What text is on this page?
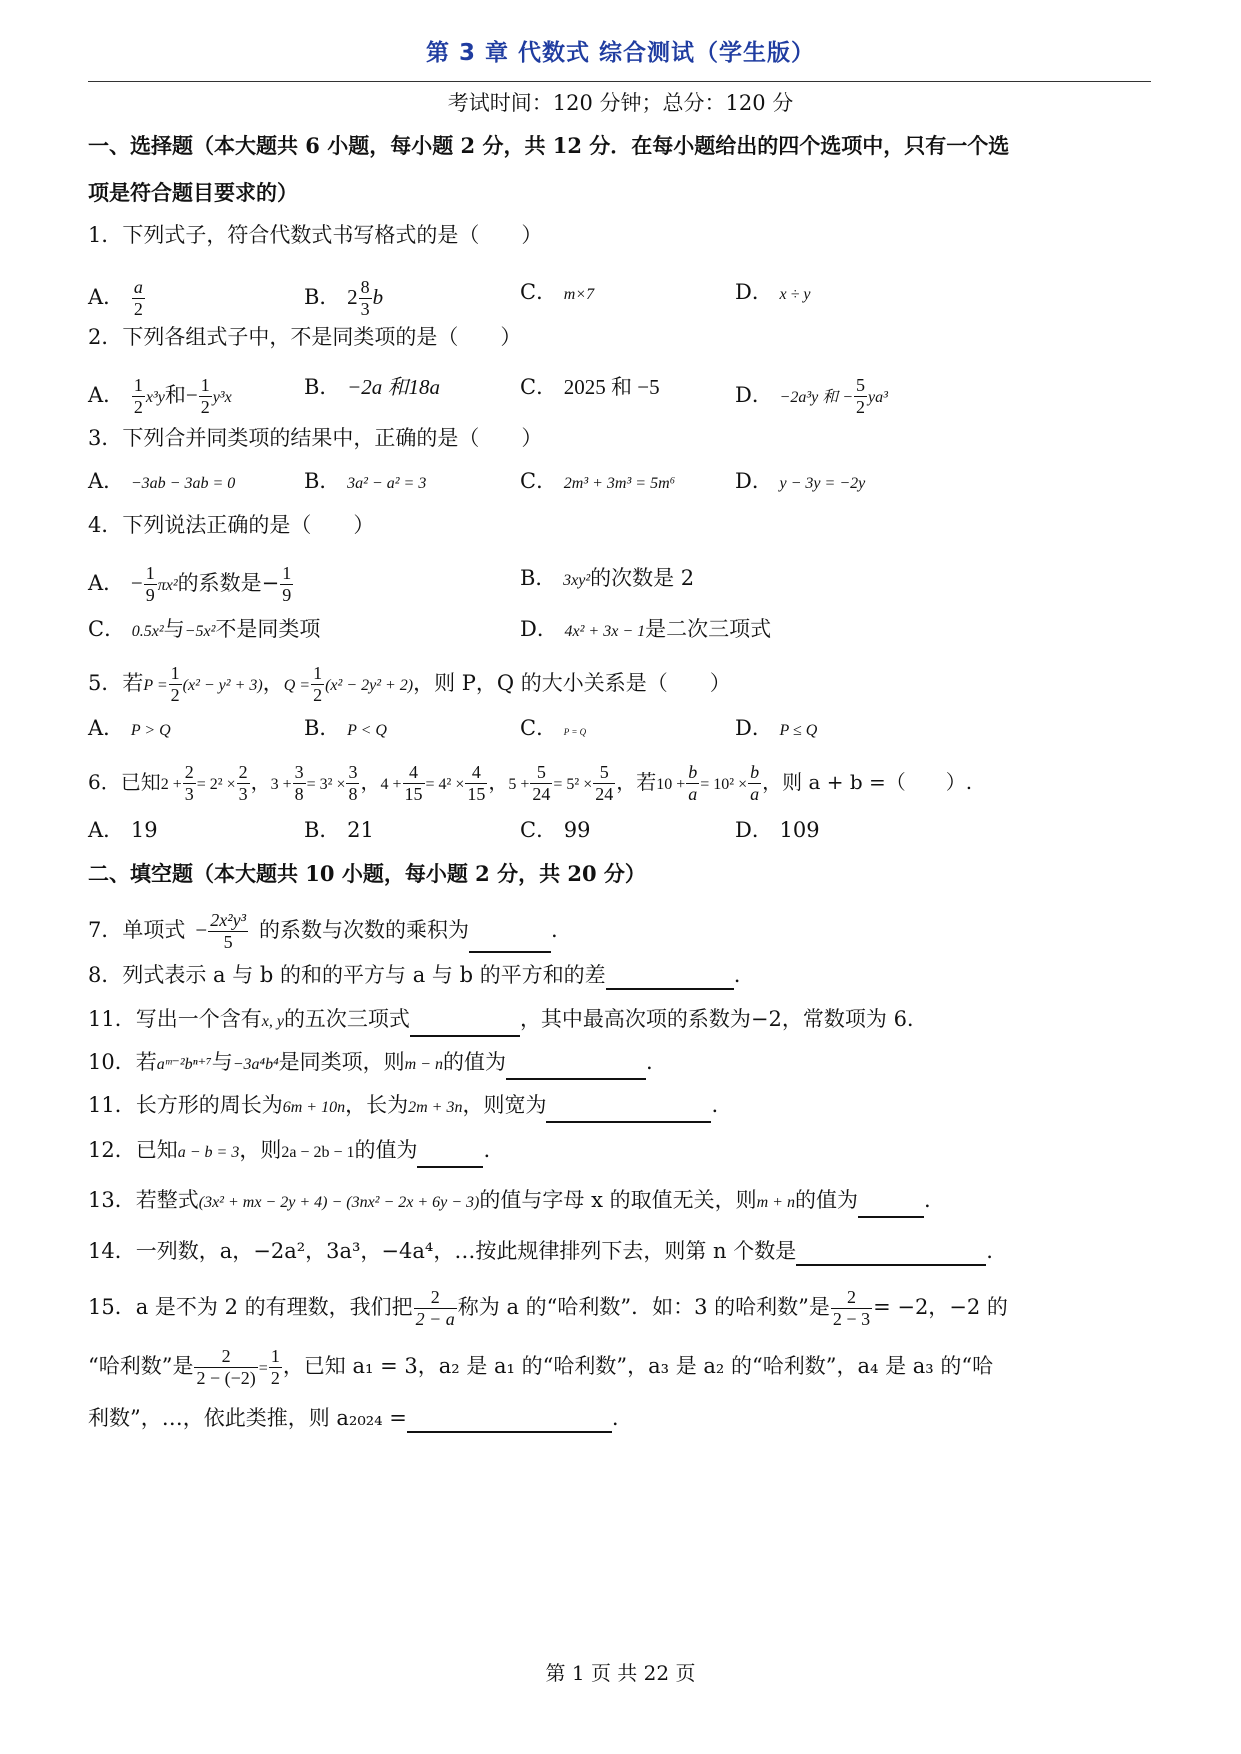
第 3 章 代数式 综合测试（学生版）
考试时间：120 分钟；总分：120 分
一、选择题（本大题共 6 小题，每小题 2 分，共 12 分．在每小题给出的四个选项中，只有一个选
项是符合题目要求的）
1．下列式子，符合代数式书写格式的是（　　）
A． $\frac{a}{2}$	B． $2 \frac{8}{3}$ b	C． m×7	D． x ÷ y
2．下列各组式子中，不是同类项的是（　　）
A． $\frac{1}{2} x^3y$和− $\frac{1}{2} y^3x$	B． −2a 和18a	C． 2025 和 −5	D． −2a³y 和 − $\frac{5}{2} ya^3$
3．下列合并同类项的结果中，正确的是（　　）
A． −3ab − 3ab = 0	B． 3a² − a² = 3	C． 2m³ + 3m³ = 5m⁶	D． y − 3y = −2y
4．下列说法正确的是（　　）
A． − $\frac{1}{9} \pi x^2$的系数是− $\frac{1}{9}$	B． 3xy²的次数是 2
C． 0.5x²与−5x²不是同类项	D． 4x² + 3x − 1是二次三项式
5．若$P = \frac{1}{2} (x^2 - y^2 + 3)$，$Q = \frac{1}{2} (x^2 - 2y^2 + 2)$，则 P，Q 的大小关系是（　　）
A． P > Q	B． P < Q	C． P = Q	D． P ≤ Q
6．已知$2 + \frac{2}{3} = 2^2 \times \frac{2}{3}$ ，$3 + \frac{3}{8} = 3^2 \times \frac{3}{8}$ ，$4 + \frac{4}{15} = 4^2 \times \frac{4}{15}$ ，$5 + \frac{5}{24} = 5^2 \times \frac{5}{24}$ ，若$10 + \frac{b}{a} = 10^2 \times \frac{b}{a}$ ，则 a + b =（　　）.
A． 19	B． 21	C． 99	D． 109
二、填空题（本大题共 10 小题，每小题 2 分，共 20 分）
7．单项式 − $\frac{\text{2x²y³}}{5}$ 的系数与次数的乘积为	.
8．列式表示 a 与 b 的和的平方与 a 与 b 的平方和的差	.
11．写出一个含有x, y的五次三项式	，其中最高次项的系数为−2，常数项为 6.
10．若aᵐ⁻²bⁿ⁺⁷与−3a⁴b⁴是同类项，则m − n的值为	.
11．长方形的周长为6m + 10n，长为2m + 3n，则宽为	.
12．已知a − b = 3，则2a − 2b − 1的值为	.
13．若整式(3x² + mx − 2y + 4) − (3nx² − 2x + 6y − 3)的值与字母 x 的取值无关，则m + n的值为	.
14．一列数，a，−2a²，3a³，−4a⁴，…按此规律排列下去，则第 n 个数是	.
15．a 是不为 2 的有理数，我们把 $\frac{2}{2 - a}$ 称为 a 的“哈利数”．如：3 的哈利数”是 $\frac{2}{2 - 3} = -2$，−2 的
“哈利数”是 $\frac{2}{2 - (-2)} = \frac{1}{2}$ ，已知 a₁ = 3，a₂ 是 a₁ 的“哈利数”，a₃ 是 a₂ 的“哈利数”，a₄ 是 a₃ 的“哈
利数”，…，依此类推，则 a₂₀₂₄ =	.
第 1 页 共 22 页
